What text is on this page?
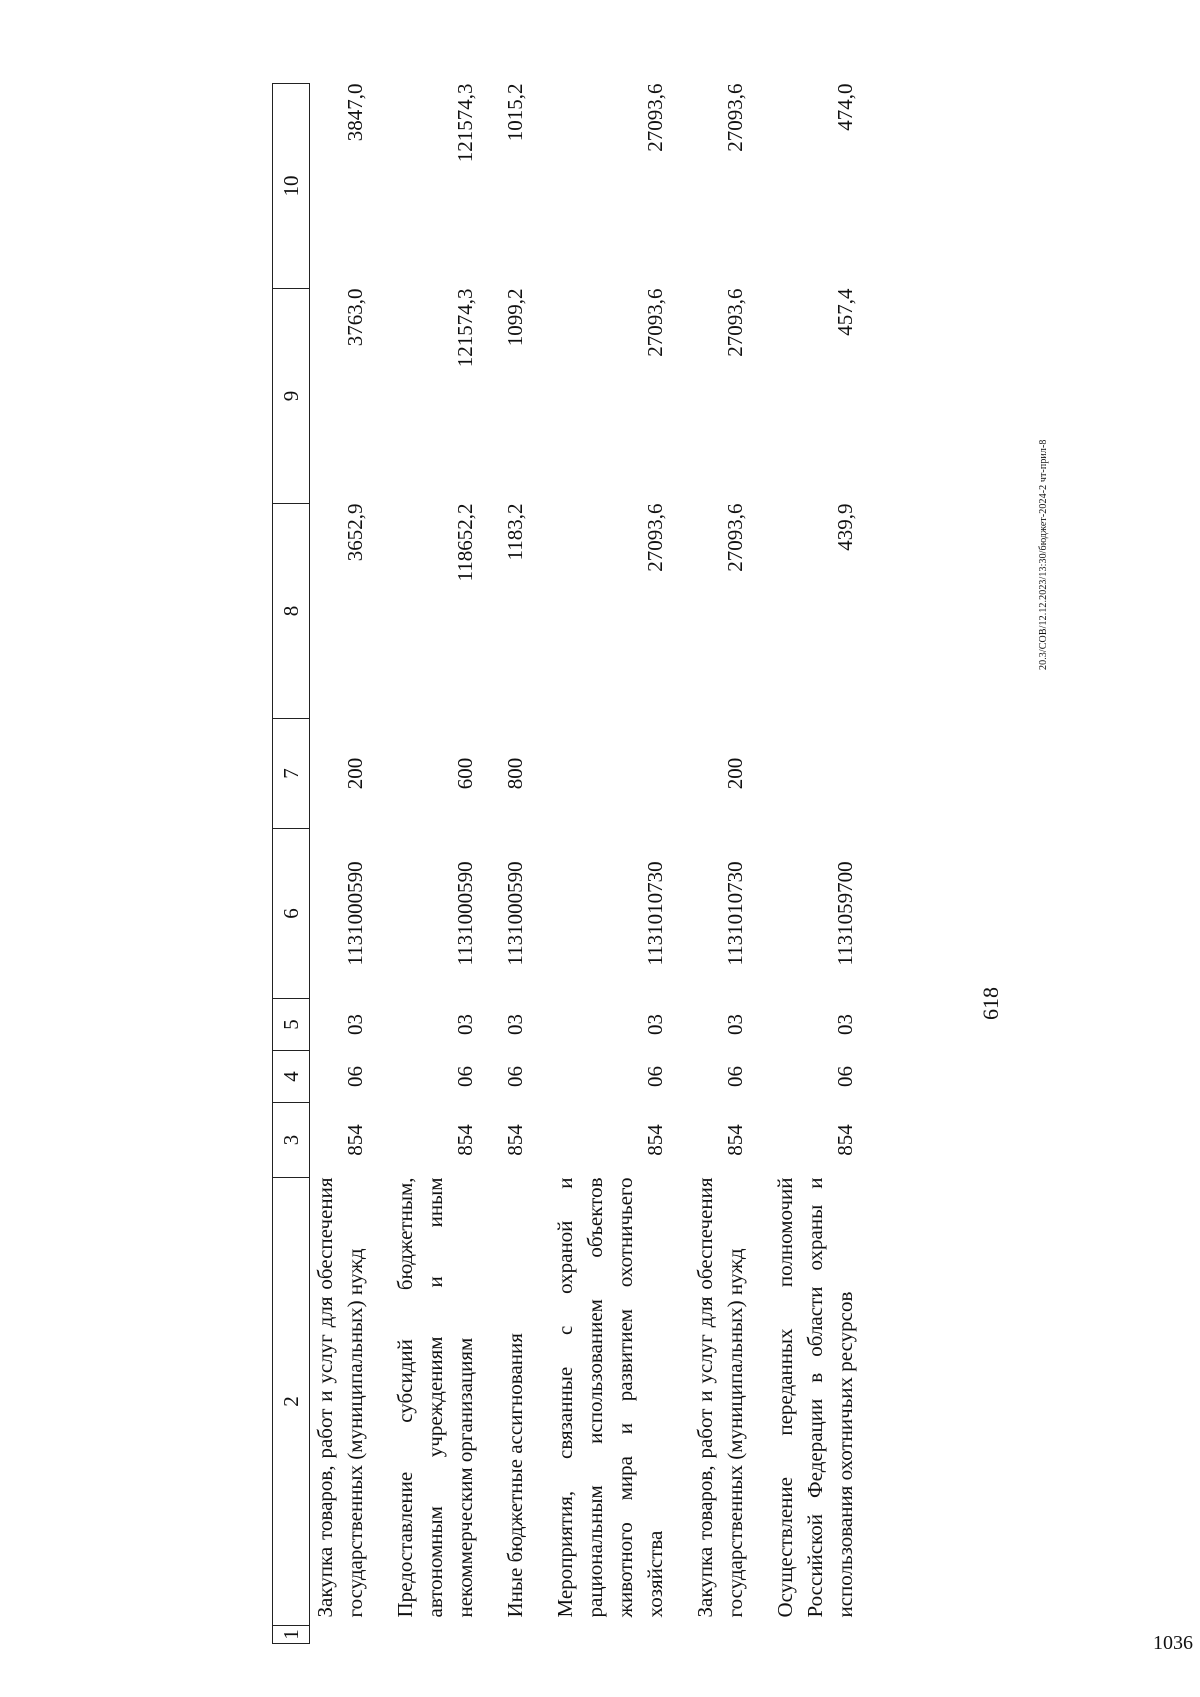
618
1	2	3	4	5	6	7	8	9	10
	Закупка товаров, работ и услуг для обеспечения государственных (муниципальных) нужд	854	06	03	1131000590	200	3652,9	3763,0	3847,0
	Предоставление субсидий бюджетным, автономным учреждениям и иным некоммерческим организациям	854	06	03	1131000590	600	118652,2	121574,3	121574,3
	Иные бюджетные ассигнования	854	06	03	1131000590	800	1183,2	1099,2	1015,2
	Мероприятия, связанные с охраной и рациональным использованием объектов животного мира и развитием охотничьего хозяйства	854	06	03	1131010730		27093,6	27093,6	27093,6
	Закупка товаров, работ и услуг для обеспечения государственных (муниципальных) нужд	854	06	03	1131010730	200	27093,6	27093,6	27093,6
	Осуществление переданных полномочий Российской Федерации в области охраны и использования охотничьих ресурсов	854	06	03	1131059700		439,9	457,4	474,0
20.3/СОВ/12.12.2023/13:30/бюджет-2024-2 чт-прил-8
1036
